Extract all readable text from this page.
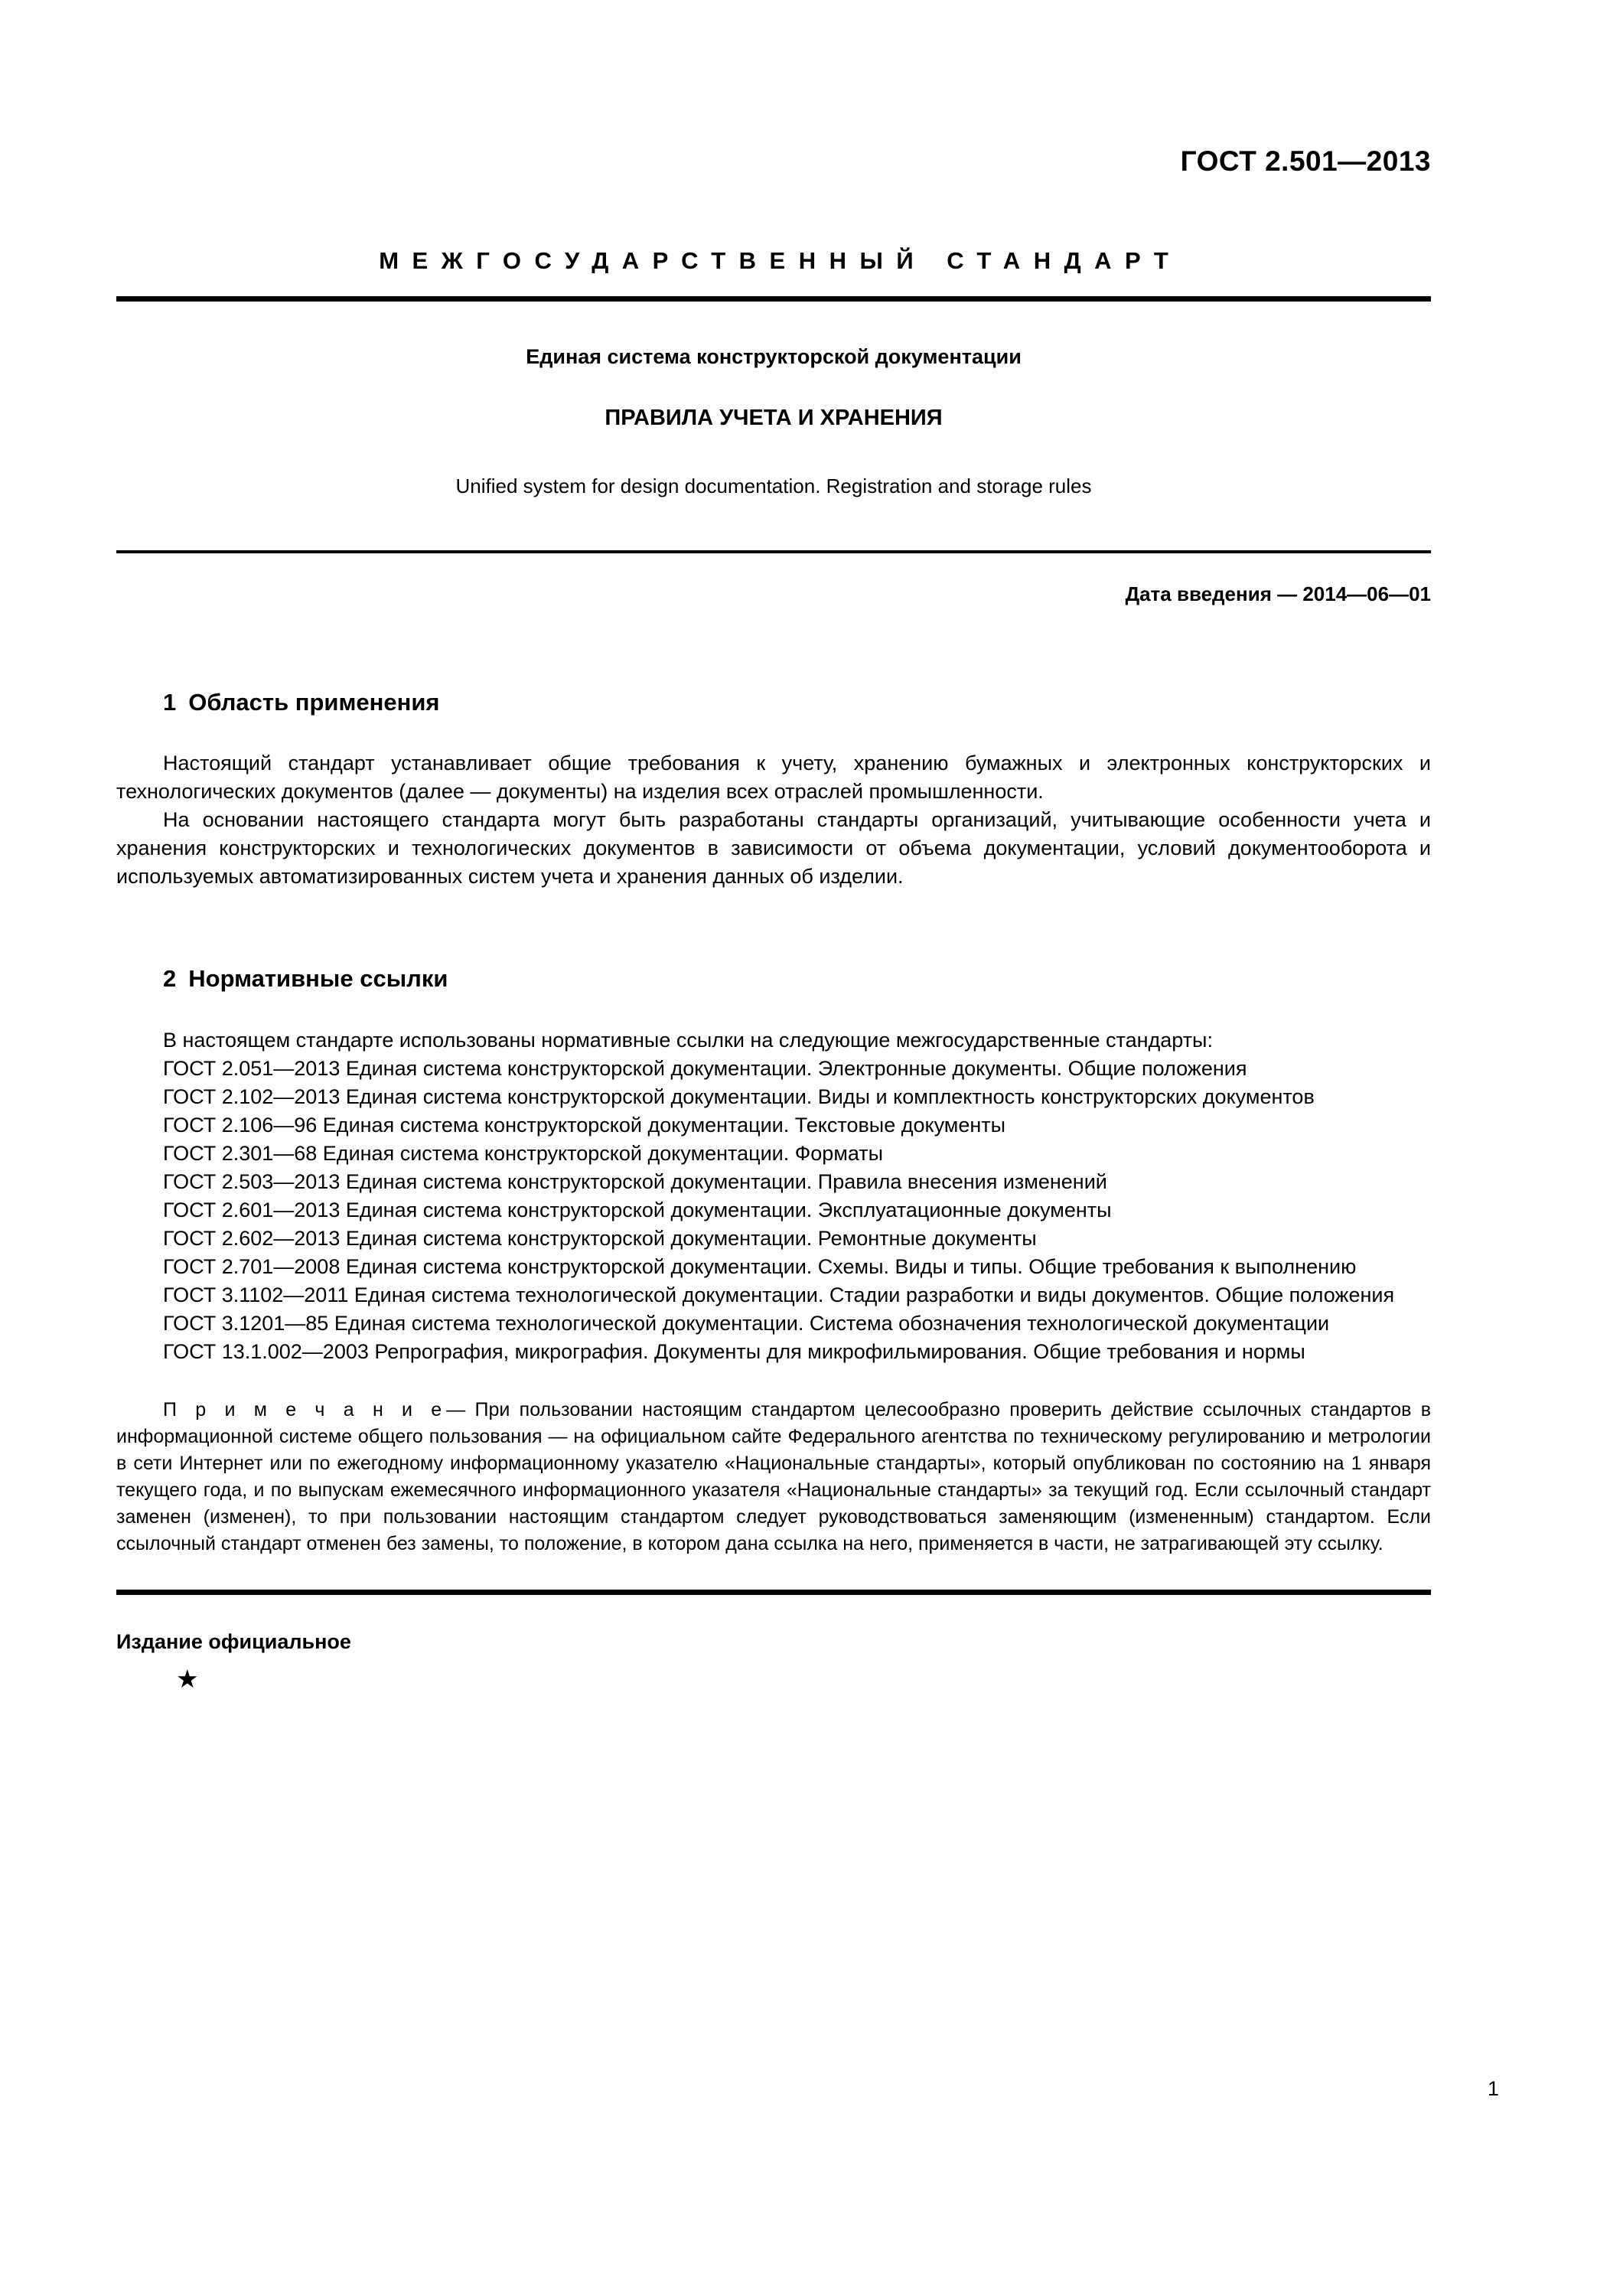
ГОСТ 2.501—2013
МЕЖГОСУДАРСТВЕННЫЙ СТАНДАРТ
Единая система конструкторской документации
ПРАВИЛА УЧЕТА И ХРАНЕНИЯ
Unified system for design documentation. Registration and storage rules
Дата введения — 2014—06—01
1 Область применения

Настоящий стандарт устанавливает общие требования к учету, хранению бумажных и электронных конструкторских и технологических документов (далее — документы) на изделия всех отраслей промышленности.

На основании настоящего стандарта могут быть разработаны стандарты организаций, учитывающие особенности учета и хранения конструкторских и технологических документов в зависимости от объема документации, условий документооборота и используемых автоматизированных систем учета и хранения данных об изделии.

2 Нормативные ссылки

В настоящем стандарте использованы нормативные ссылки на следующие межгосударственные стандарты:

ГОСТ 2.051—2013 Единая система конструкторской документации. Электронные документы. Общие положения
ГОСТ 2.102—2013 Единая система конструкторской документации. Виды и комплектность конструкторских документов
ГОСТ 2.106—96 Единая система конструкторской документации. Текстовые документы
ГОСТ 2.301—68 Единая система конструкторской документации. Форматы
ГОСТ 2.503—2013 Единая система конструкторской документации. Правила внесения изменений
ГОСТ 2.601—2013 Единая система конструкторской документации. Эксплуатационные документы
ГОСТ 2.602—2013 Единая система конструкторской документации. Ремонтные документы
ГОСТ 2.701—2008 Единая система конструкторской документации. Схемы. Виды и типы. Общие требования к выполнению
ГОСТ 3.1102—2011 Единая система технологической документации. Стадии разработки и виды документов. Общие положения
ГОСТ 3.1201—85 Единая система технологической документации. Система обозначения технологической документации
ГОСТ 13.1.002—2003 Репрография, микрография. Документы для микрофильмирования. Общие требования и нормы

П р и м е ч а н и е— При пользовании настоящим стандартом целесообразно проверить действие ссылочных стандартов в информационной системе общего пользования — на официальном сайте Федерального агентства по техническому регулированию и метрологии в сети Интернет или по ежегодному информационному указателю «Национальные стандарты», который опубликован по состоянию на 1 января текущего года, и по выпускам ежемесячного информационного указателя «Национальные стандарты» за текущий год. Если ссылочный стандарт заменен (изменен), то при пользовании настоящим стандартом следует руководствоваться заменяющим (измененным) стандартом. Если ссылочный стандарт отменен без замены, то положение, в котором дана ссылка на него, применяется в части, не затрагивающей эту ссылку.

Издание официальное
★
1
